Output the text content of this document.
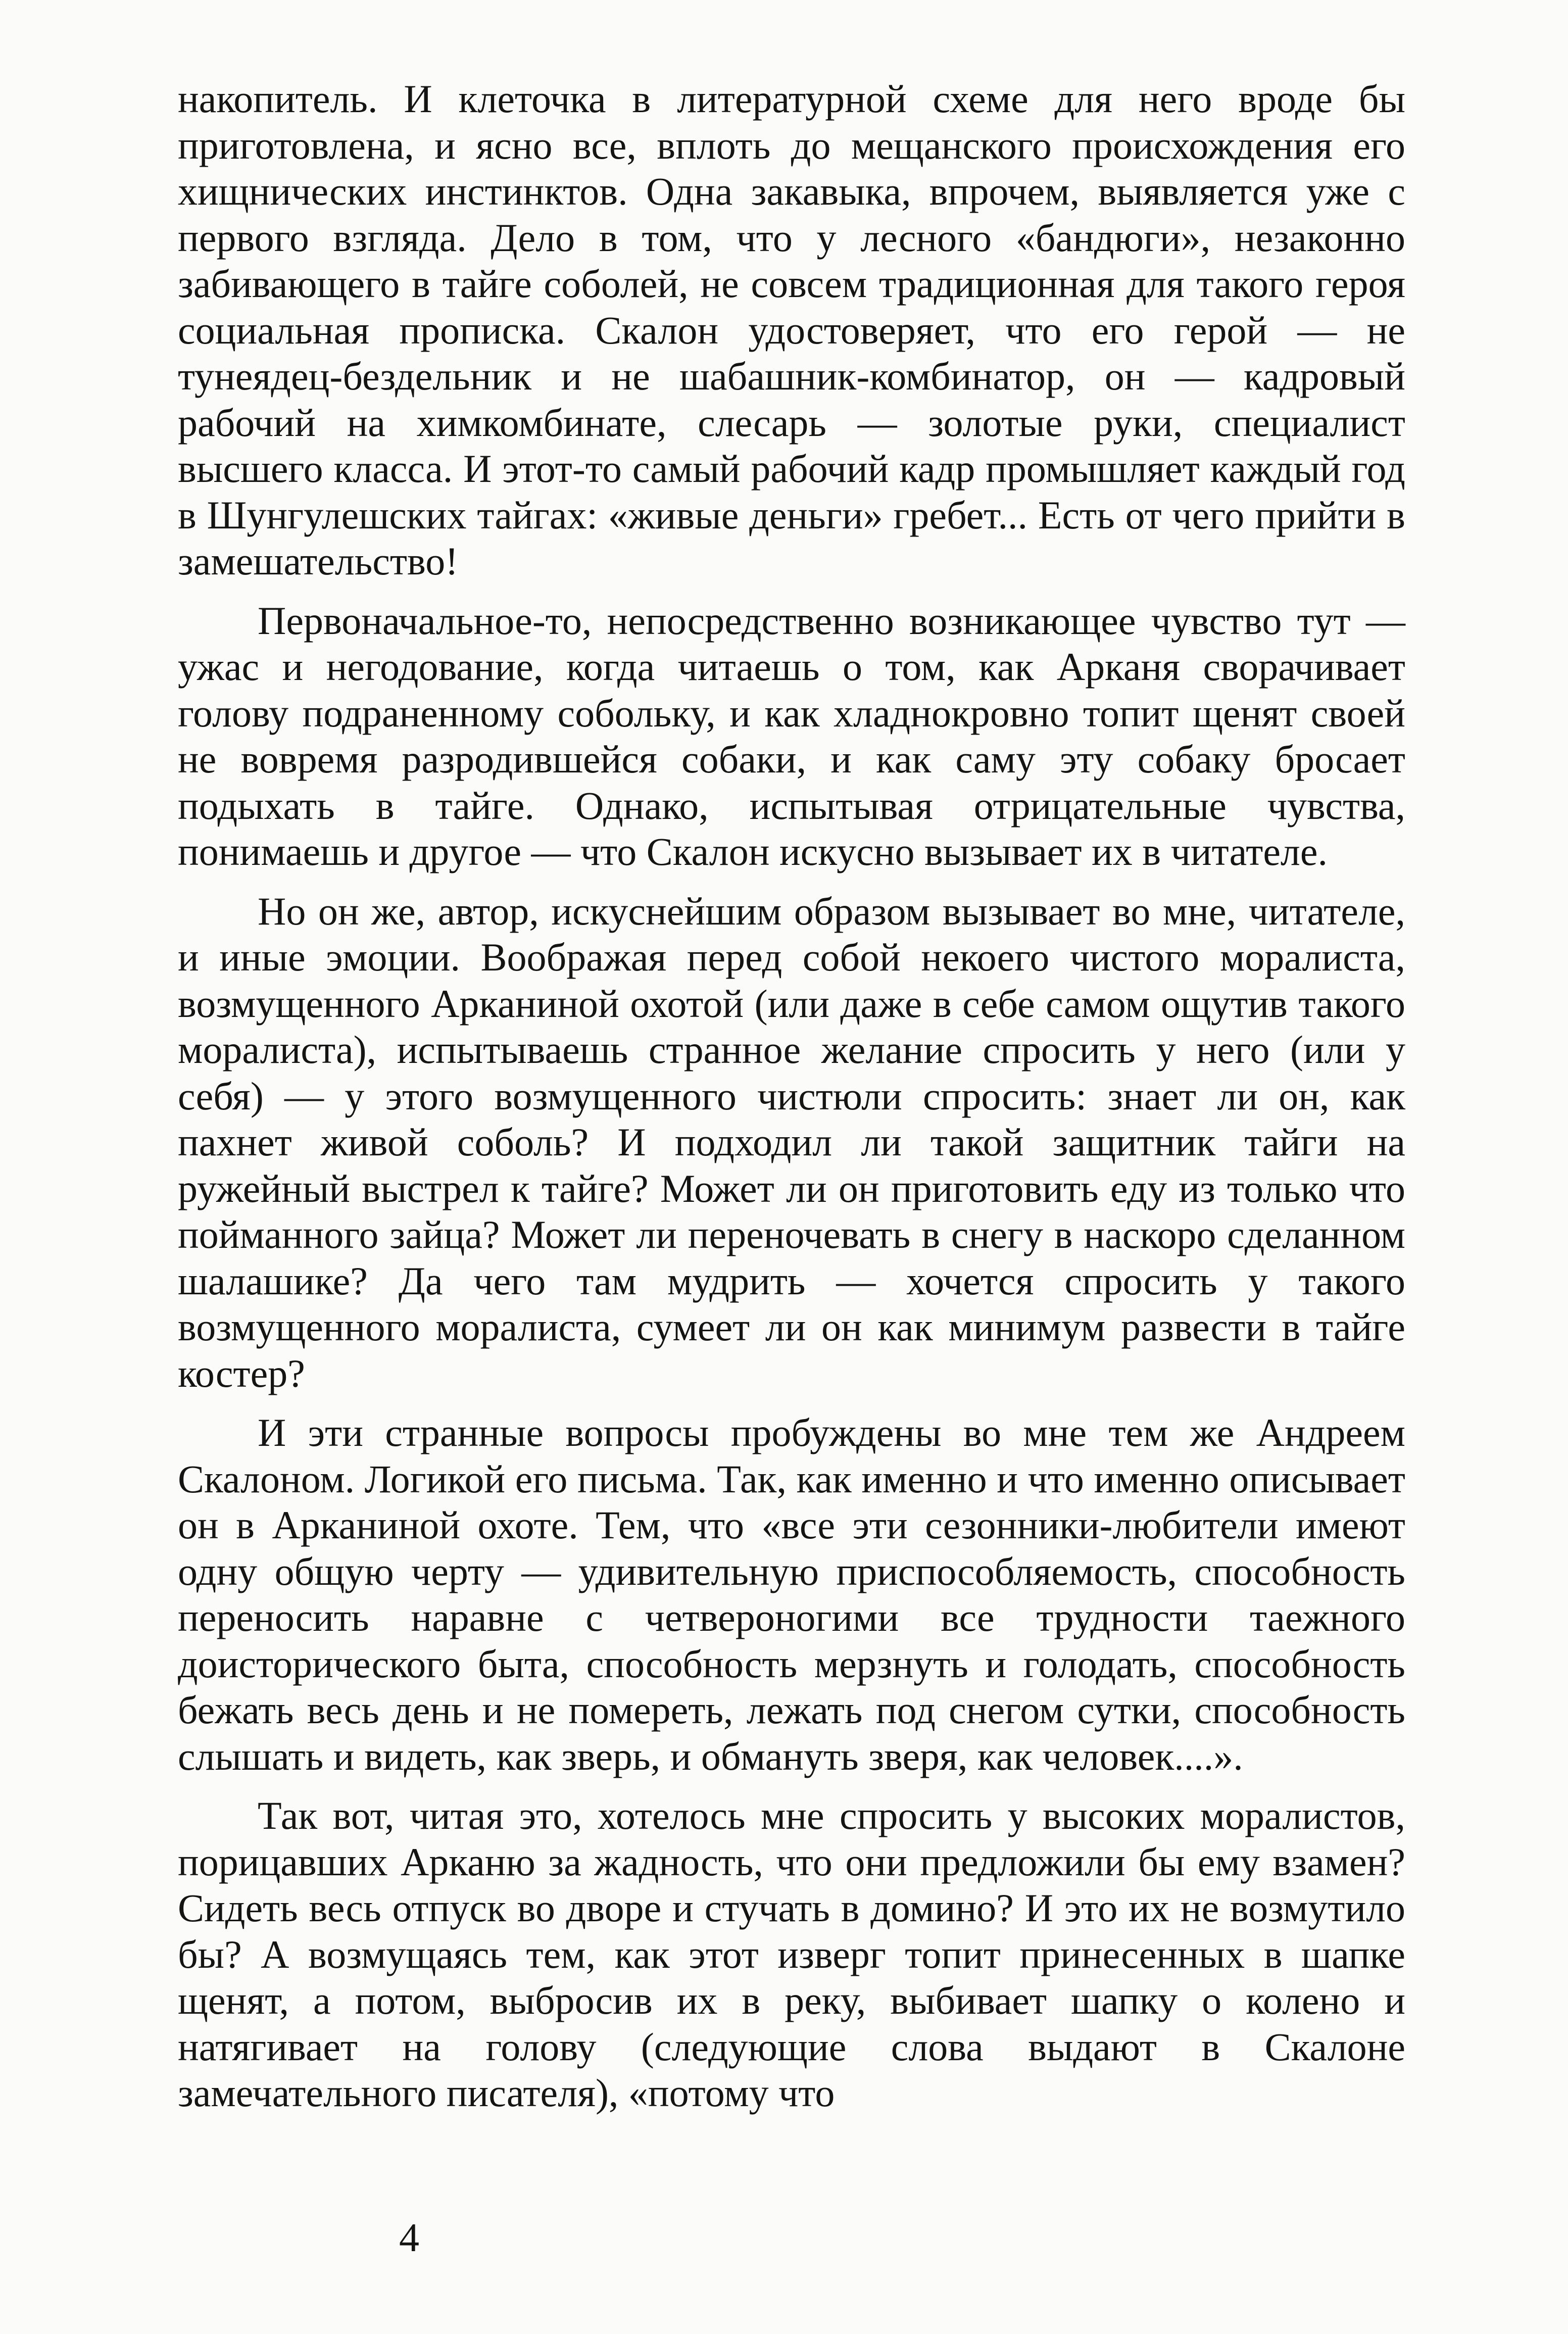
накопитель. И клеточка в литературной схеме для него вроде бы приготовлена, и ясно все, вплоть до мещанского происхождения его хищнических инстинктов. Одна закавыка, впрочем, выявляется уже с первого взгляда. Дело в том, что у лесного «бандюги», незаконно забивающего в тайге соболей, не совсем традиционная для такого героя социальная прописка. Скалон удостоверяет, что его герой — не тунеядец-бездельник и не шабашник-комбинатор, он — кадровый рабочий на химкомбинате, слесарь — золотые руки, специалист высшего класса. И этот-то самый рабочий кадр промышляет каждый год в Шунгулешских тайгах: «живые деньги» гребет... Есть от чего прийти в замешательство!

Первоначальное-то, непосредственно возникающее чувство тут — ужас и негодование, когда читаешь о том, как Арканя сворачивает голову подраненному собольку, и как хладнокровно топит щенят своей не вовремя разродившейся собаки, и как саму эту собаку бросает подыхать в тайге. Однако, испытывая отрицательные чувства, понимаешь и другое — что Скалон искусно вызывает их в читателе.

Но он же, автор, искуснейшим образом вызывает во мне, читателе, и иные эмоции. Воображая перед собой некоего чистого моралиста, возмущенного Арканиной охотой (или даже в себе самом ощутив такого моралиста), испытываешь странное желание спросить у него (или у себя) — у этого возмущенного чистюли спросить: знает ли он, как пахнет живой соболь? И подходил ли такой защитник тайги на ружейный выстрел к тайге? Может ли он приготовить еду из только что пойманного зайца? Может ли переночевать в снегу в наскоро сделанном шалашике? Да чего там мудрить — хочется спросить у такого возмущенного моралиста, сумеет ли он как минимум развести в тайге костер?

И эти странные вопросы пробуждены во мне тем же Андреем Скалоном. Логикой его письма. Так, как именно и что именно описывает он в Арканиной охоте. Тем, что «все эти сезонники-любители имеют одну общую черту — удивительную приспособляемость, способность переносить наравне с четвероногими все трудности таежного доисторического быта, способность мерзнуть и голодать, способность бежать весь день и не помереть, лежать под снегом сутки, способность слышать и видеть, как зверь, и обмануть зверя, как человек....».

Так вот, читая это, хотелось мне спросить у высоких моралистов, порицавших Арканю за жадность, что они предложили бы ему взамен? Сидеть весь отпуск во дворе и стучать в домино? И это их не возмутило бы? А возмущаясь тем, как этот изверг топит принесенных в шапке щенят, а потом, выбросив их в реку, выбивает шапку о колено и натягивает на голову (следующие слова выдают в Скалоне замечательного писателя), «потому что

4
